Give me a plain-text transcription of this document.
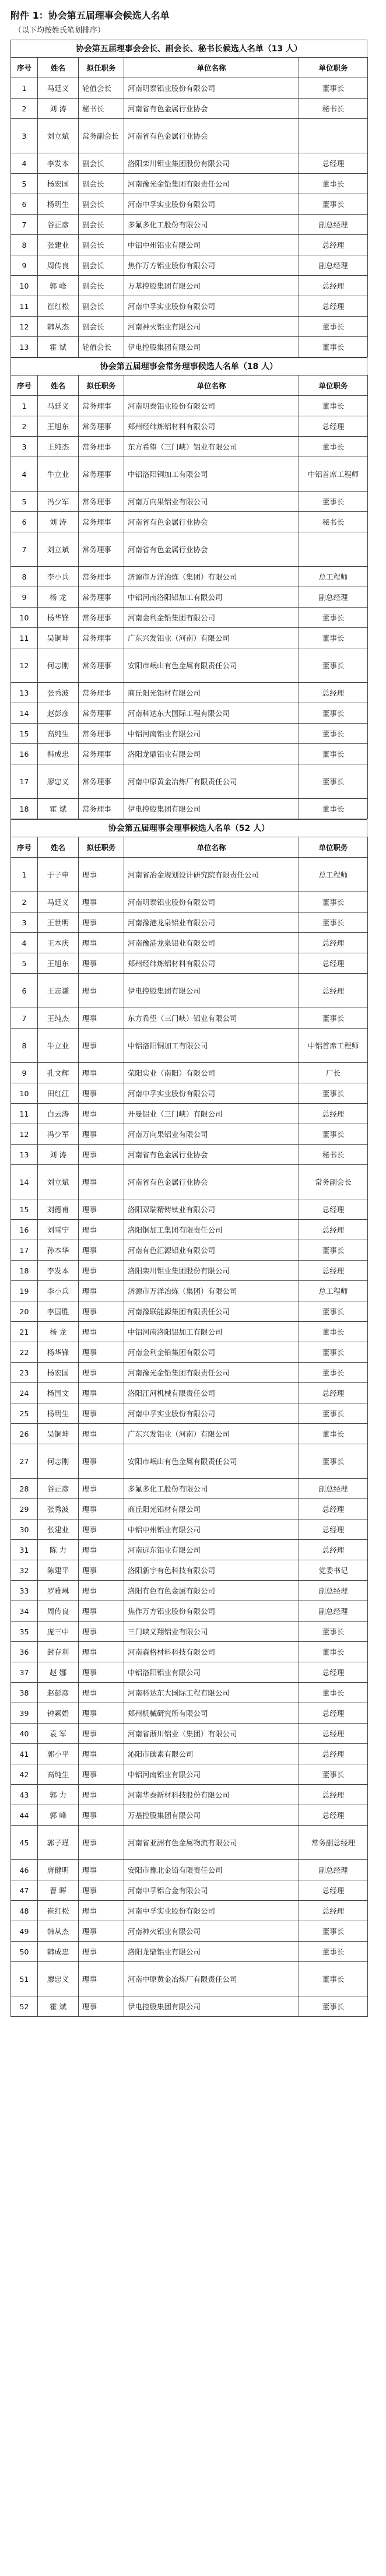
附件 1：协会第五届理事会候选人名单
（以下均按姓氏笔划排序）
协会第五届理事会会长、副会长、秘书长候选人名单（13 人）
序号	姓名	拟任职务	单位名称	单位职务
1	马廷义	轮值会长	河南明泰铝业股份有限公司	董事长
2	刘 涛	秘书长	河南省有色金属行业协会	秘书长
3	刘立斌	常务副会长	河南省有色金属行业协会	
4	李发本	副会长	洛阳栾川钼业集团股份有限公司	总经理
5	杨宏国	副会长	河南豫光金铅集团有限责任公司	董事长
6	杨明生	副会长	河南中孚实业股份有限公司	董事长
7	谷正彦	副会长	多氟多化工股份有限公司	副总经理
8	张建业	副会长	中铝中州铝业有限公司	总经理
9	周传良	副会长	焦作万方铝业股份有限公司	副总经理
10	郭 峰	副会长	万基控股集团有限公司	总经理
11	崔红松	副会长	河南中孚实业股份有限公司	总经理
12	韩从杰	副会长	河南神火铝业有限公司	董事长
13	霍 斌	轮值会长	伊电控股集团有限公司	董事长
协会第五届理事会常务理事候选人名单（18 人）
序号	姓名	拟任职务	单位名称	单位职务
1	马廷义	常务理事	河南明泰铝业股份有限公司	董事长
2	王旭东	常务理事	郑州经纬炼铝材料有限公司	总经理
3	王纯杰	常务理事	东方希望（三门峡）铝业有限公司	董事长
4	牛立业	常务理事	中铝洛阳铜加工有限公司	中铝首席工程师
5	冯少军	常务理事	河南万向果铝业有限公司	董事长
6	刘 涛	常务理事	河南省有色金属行业协会	秘书长
7	刘立斌	常务理事	河南省有色金属行业协会	
8	李小兵	常务理事	济源市万洋冶炼（集团）有限公司	总工程师
9	杨 龙	常务理事	中铝河南洛阳铝加工有限公司	副总经理
10	杨华锋	常务理事	河南金利金铅集团有限公司	董事长
11	吴铜坤	常务理事	广东兴发铝业（河南）有限公司	董事长
12	何志刚	常务理事	安阳市岷山有色金属有限责任公司	董事长
13	张秀波	常务理事	商丘阳光铝材有限公司	总经理
14	赵彭彦	常务理事	河南科达东大国际工程有限公司	董事长
15	高纯生	常务理事	中铝河南铝业有限公司	董事长
16	韩成忠	常务理事	洛阳龙鼎铝业有限公司	董事长
17	廖忠义	常务理事	河南中原黄金冶炼厂有限责任公司	董事长
18	霍 斌	常务理事	伊电控股集团有限公司	董事长
协会第五届理事会理事候选人名单（52 人）
序号	姓名	拟任职务	单位名称	单位职务
1	于子申	理事	河南省冶金规划设计研究院有限责任公司	总工程师
2	马廷义	理事	河南明泰铝业股份有限公司	董事长
3	王世明	理事	河南豫港龙泉铝业有限公司	董事长
4	王本庆	理事	河南豫港龙泉铝业有限公司	总经理
5	王旭东	理事	郑州经纬炼铝材料有限公司	总经理
6	王志谦	理事	伊电控股集团有限公司	总经理
7	王纯杰	理事	东方希望（三门峡）铝业有限公司	董事长
8	牛立业	理事	中铝洛阳铜加工有限公司	中铝首席工程师
9	孔文辉	理事	荣阳实业（南阳）有限公司	厂长
10	田红江	理事	河南中孚实业股份有限公司	董事长
11	白云涛	理事	开曼铝业（三门峡）有限公司	总经理
12	冯少军	理事	河南万向果铝业有限公司	董事长
13	刘 涛	理事	河南省有色金属行业协会	秘书长
14	刘立斌	理事	河南省有色金属行业协会	常务副会长
15	刘德甫	理事	洛阳双瑞精铸钛业有限公司	总经理
16	刘雪宁	理事	洛阳铜加工集团有限责任公司	总经理
17	孙本华	理事	河南有色汇源铝业有限公司	董事长
18	李发本	理事	洛阳栾川钼业集团股份有限公司	总经理
19	李小兵	理事	济源市万洋冶炼（集团）有限公司	总工程师
20	李国胜	理事	河南豫联能源集团有限责任公司	董事长
21	杨 龙	理事	中铝河南洛阳铝加工有限公司	董事长
22	杨华锋	理事	河南金利金铅集团有限公司	董事长
23	杨宏国	理事	河南豫光金铅集团有限责任公司	董事长
24	杨国文	理事	洛阳江河机械有限责任公司	总经理
25	杨明生	理事	河南中孚实业股份有限公司	董事长
26	吴铜坤	理事	广东兴发铝业（河南）有限公司	董事长
27	何志刚	理事	安阳市岷山有色金属有限责任公司	董事长
28	谷正彦	理事	多氟多化工股份有限公司	副总经理
29	张秀波	理事	商丘阳光铝材有限公司	总经理
30	张建业	理事	中铝中州铝业有限公司	总经理
31	陈 力	理事	河南远东铝业有限公司	总经理
32	陈建平	理事	洛阳新宇有色科技有限公司	党委书记
33	罗雅琳	理事	洛阳有色有色金属有限公司	副总经理
34	周传良	理事	焦作万方铝业股份有限公司	副总经理
35	庞三中	理事	三门峡义翔铝业有限公司	董事长
36	封存利	理事	河南森格材料科技有限公司	董事长
37	赵 娜	理事	中铝洛阳铝业有限公司	总经理
38	赵彭彦	理事	河南科达东大国际工程有限公司	董事长
39	钟素娟	理事	郑州机械研究所有限公司	总经理
40	袁 军	理事	河南省淅川铝业（集团）有限公司	总经理
41	郭小平	理事	沁阳市碳素有限公司	总经理
42	高纯生	理事	中铝河南铝业有限公司	董事长
43	郭 力	理事	河南华泰新材科技股份有限公司	总经理
44	郭 峰	理事	万基控股集团有限公司	总经理
45	郭子瑾	理事	河南省亚洲有色金属物流有限公司	常务副总经理
46	唐健明	理事	安阳市豫北金铅有限责任公司	副总经理
47	曹 晖	理事	河南中孚铝合金有限公司	总经理
48	崔红松	理事	河南中孚实业股份有限公司	总经理
49	韩从杰	理事	河南神火铝业有限公司	董事长
50	韩成忠	理事	洛阳龙鼎铝业有限公司	董事长
51	廖忠义	理事	河南中原黄金冶炼厂有限责任公司	董事长
52	霍 斌	理事	伊电控股集团有限公司	董事长
